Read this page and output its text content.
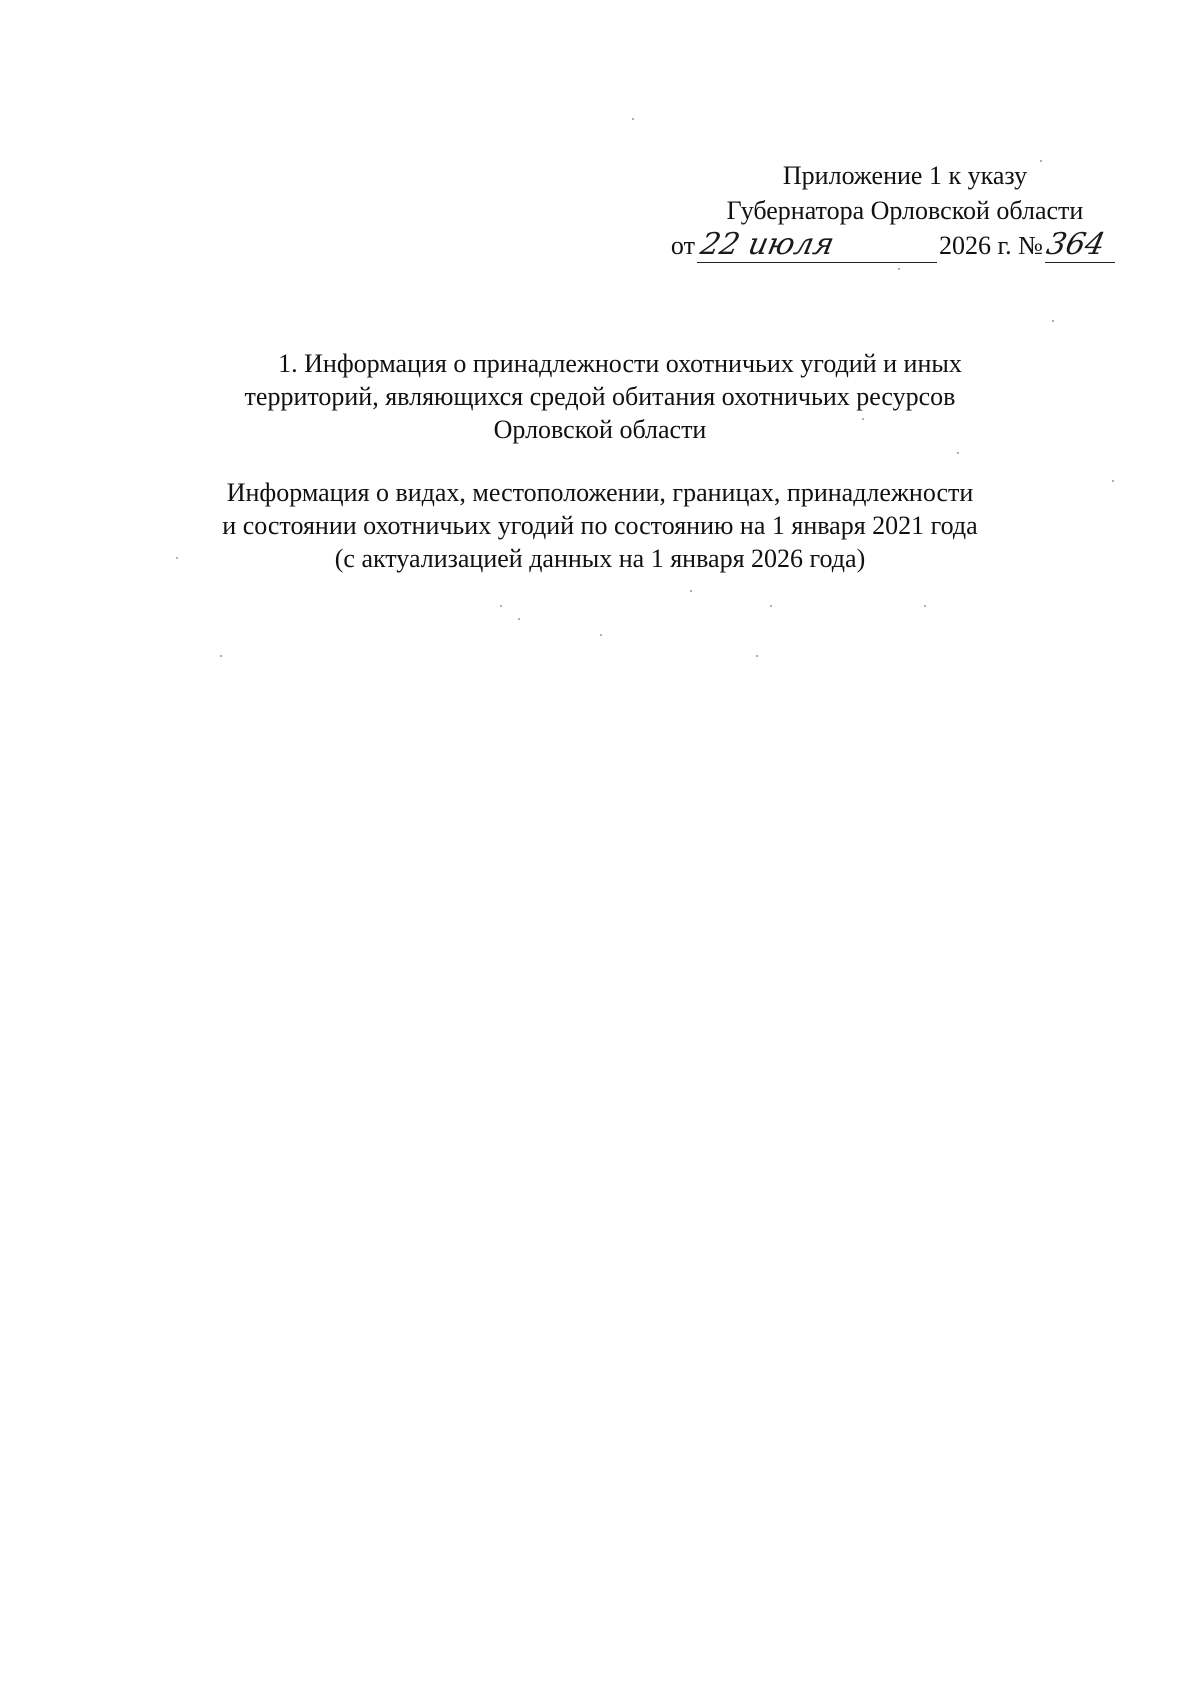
Приложение 1 к указу
Губернатора Орловской области
от 22 июля	2026 г. № 364
1. Информация о принадлежности охотничьих угодий и иных
территорий, являющихся средой обитания охотничьих ресурсов
Орловской области
Информация о видах, местоположении, границах, принадлежности
и состоянии охотничьих угодий по состоянию на 1 января 2021 года
(с актуализацией данных на 1 января 2026 года)
